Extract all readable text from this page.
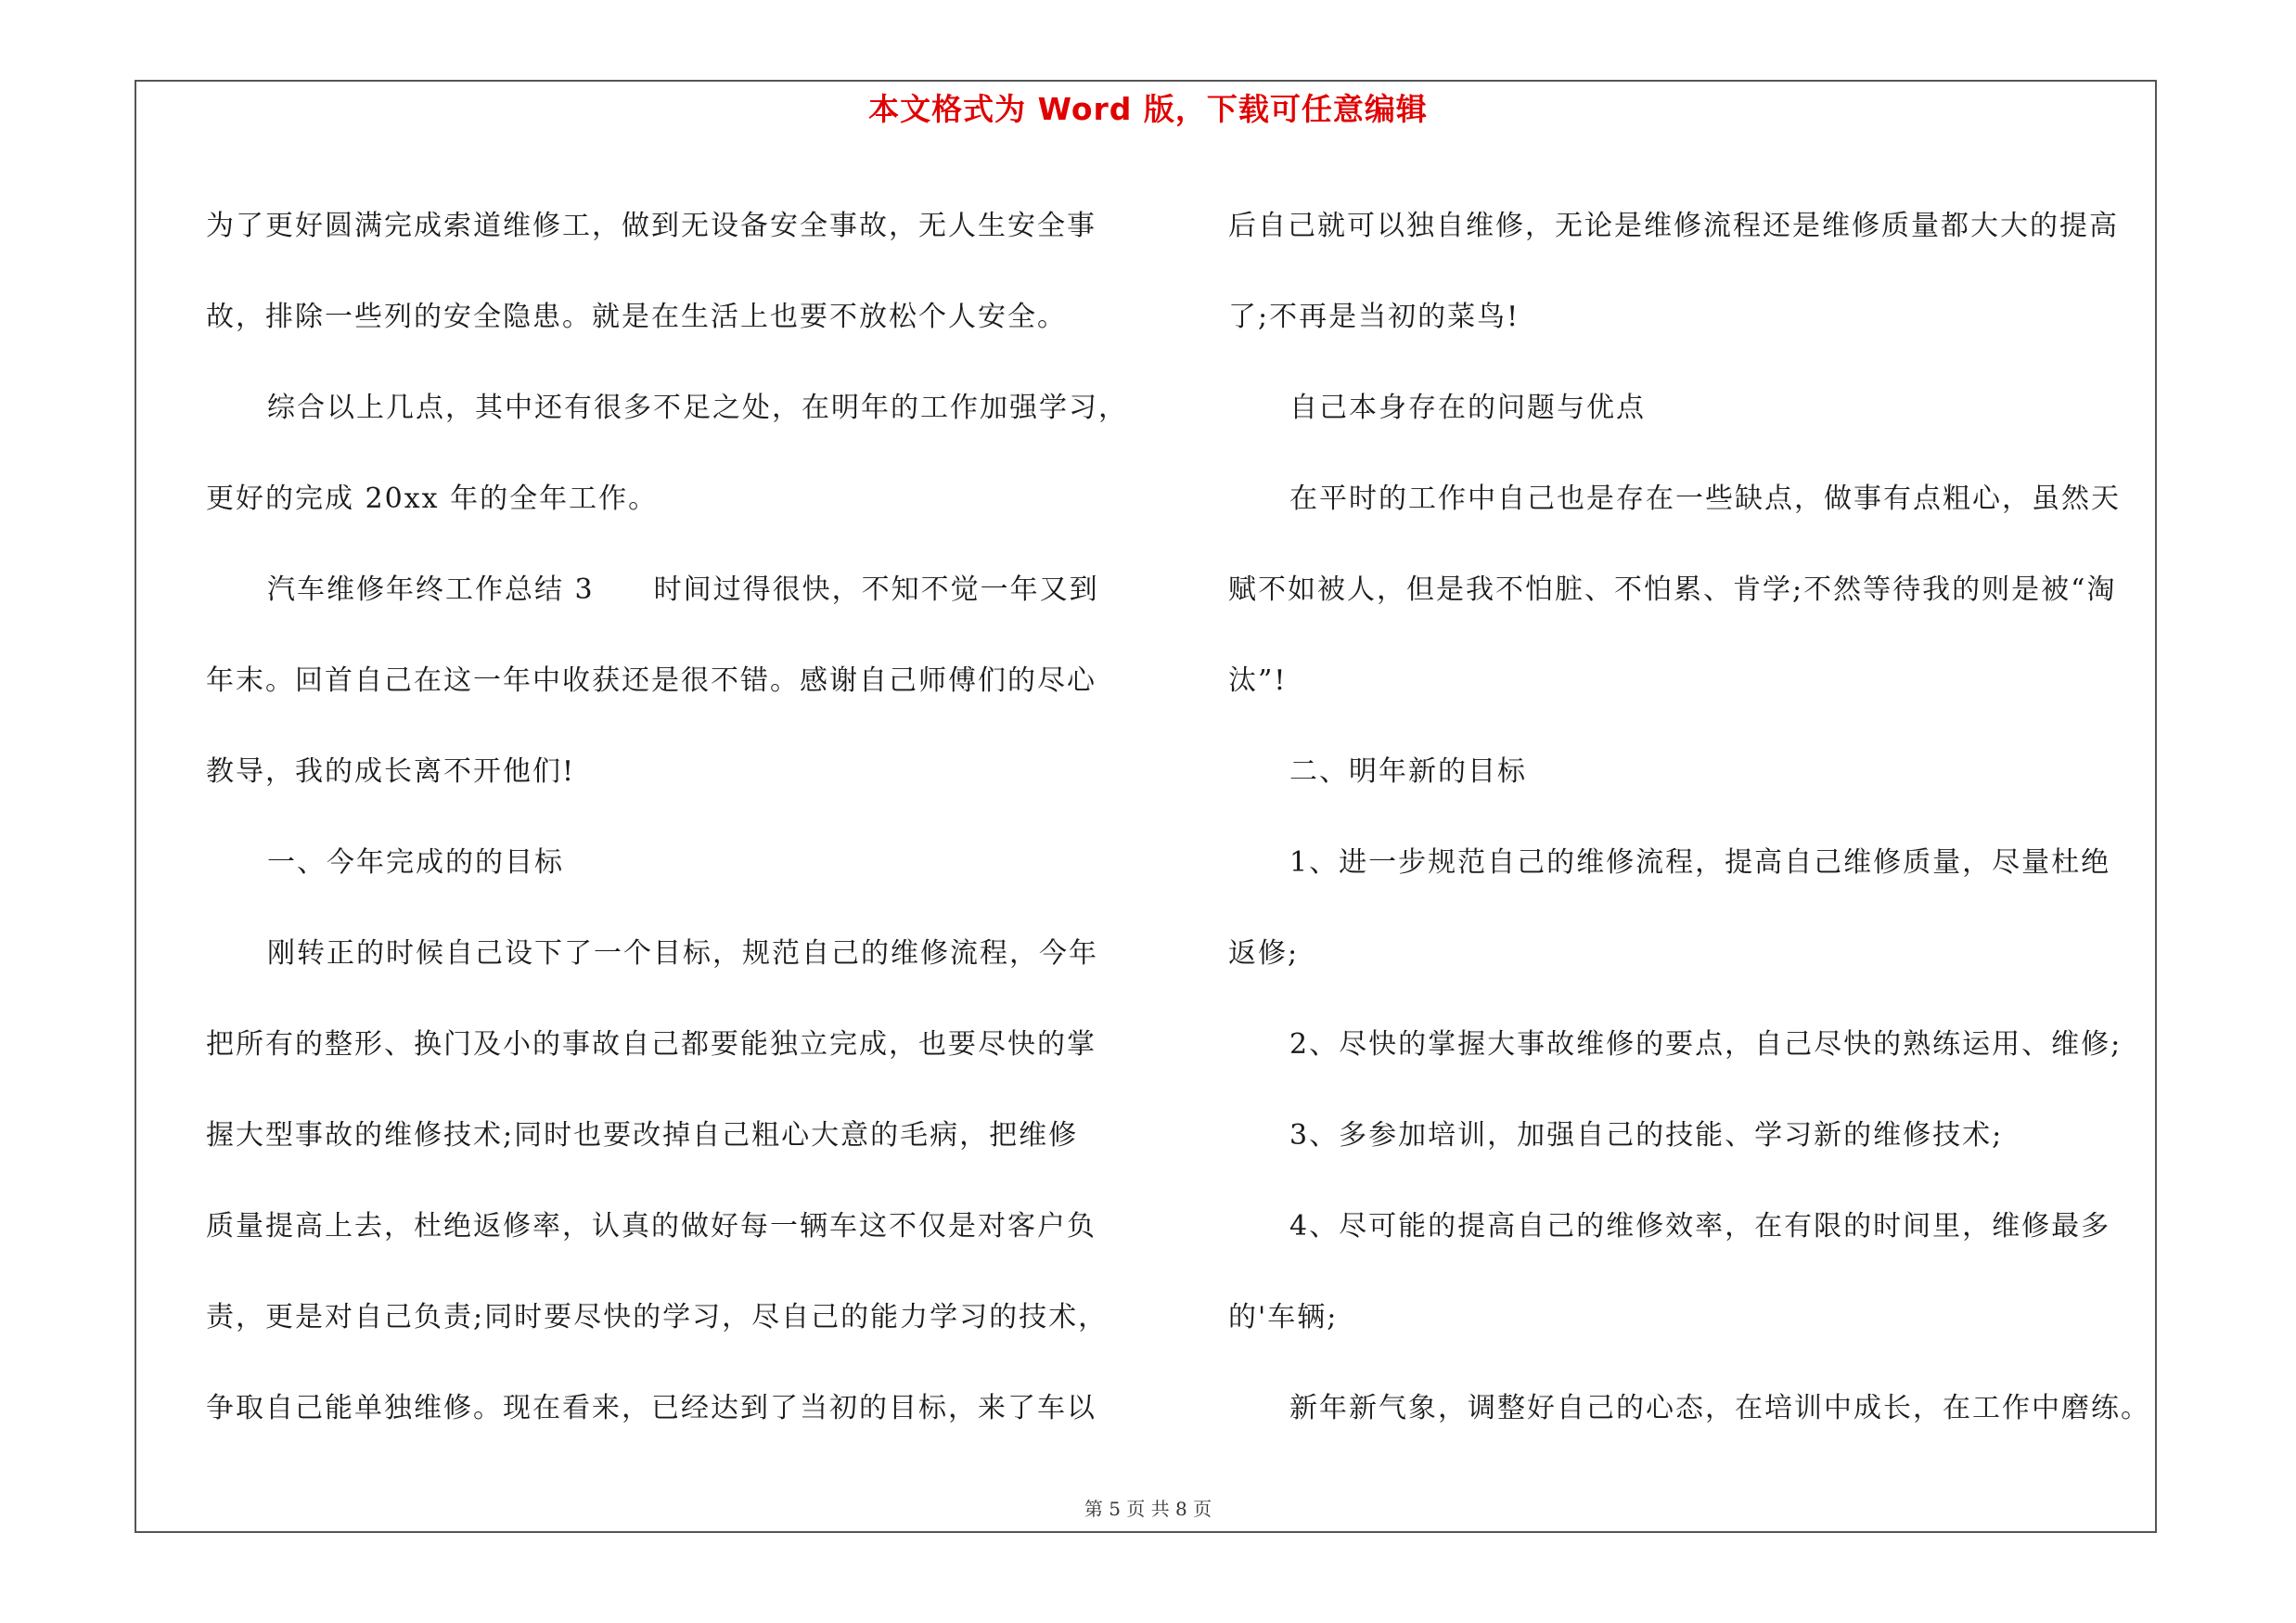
本文格式为 Word 版，下载可任意编辑

为了更好圆满完成索道维修工，做到无设备安全事故，无人生安全事

故，排除一些列的安全隐患。就是在生活上也要不放松个人安全。

综合以上几点，其中还有很多不足之处，在明年的工作加强学习，

更好的完成 20xx 年的全年工作。

汽车维修年终工作总结 3　　时间过得很快，不知不觉一年又到

年末。回首自己在这一年中收获还是很不错。感谢自己师傅们的尽心

教导，我的成长离不开他们!

一、今年完成的的目标

刚转正的时候自己设下了一个目标，规范自己的维修流程，今年

把所有的整形、换门及小的事故自己都要能独立完成，也要尽快的掌

握大型事故的维修技术;同时也要改掉自己粗心大意的毛病，把维修

质量提高上去，杜绝返修率，认真的做好每一辆车这不仅是对客户负

责，更是对自己负责;同时要尽快的学习，尽自己的能力学习的技术，

争取自己能单独维修。现在看来，已经达到了当初的目标，来了车以

后自己就可以独自维修，无论是维修流程还是维修质量都大大的提高

了;不再是当初的菜鸟!

自己本身存在的问题与优点

在平时的工作中自己也是存在一些缺点，做事有点粗心，虽然天

赋不如被人，但是我不怕脏、不怕累、肯学;不然等待我的则是被“淘

汰”!

二、明年新的目标

1、进一步规范自己的维修流程，提高自己维修质量，尽量杜绝

返修;

2、尽快的掌握大事故维修的要点，自己尽快的熟练运用、维修;

3、多参加培训，加强自己的技能、学习新的维修技术;

4、尽可能的提高自己的维修效率，在有限的时间里，维修最多

的'车辆;

新年新气象，调整好自己的心态，在培训中成长，在工作中磨练。

第 5 页 共 8 页
